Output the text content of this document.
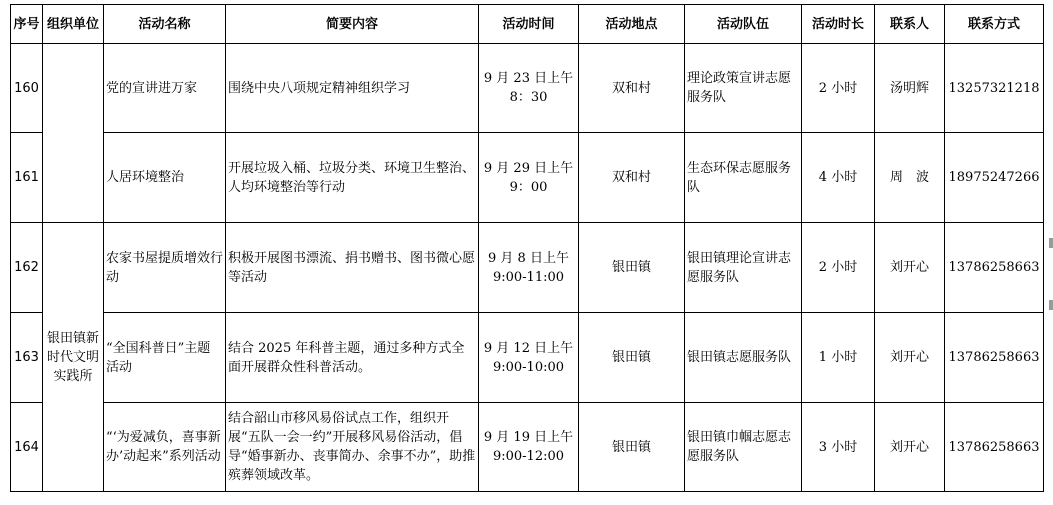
序号	组织单位	活动名称	简要内容	活动时间	活动地点	活动队伍	活动时长	联系人	联系方式
160		党的宣讲进万家	围绕中央八项规定精神组织学习	9 月 23 日上午 8：30	双和村	理论政策宣讲志愿服务队	2 小时	汤明辉	13257321218
161		人居环境整治	开展垃圾入桶、垃圾分类、环境卫生整治、人均环境整治等行动	9 月 29 日上午 9：00	双和村	生态环保志愿服务队	4 小时	周　波	18975247266
162	银田镇新时代文明实践所	农家书屋提质增效行动	积极开展图书漂流、捐书赠书、图书微心愿等活动	9 月 8 日上午 9:00-11:00	银田镇	银田镇理论宣讲志愿服务队	2 小时	刘开心	13786258663
163		“全国科普日”主题活动	结合 2025 年科普主题，通过多种方式全面开展群众性科普活动。	9 月 12 日上午 9:00-10:00	银田镇	银田镇志愿服务队	1 小时	刘开心	13786258663
164		“‘为爱减负，喜事新办’动起来”系列活动	结合韶山市移风易俗试点工作，组织开展“五队一会一约”开展移风易俗活动，倡导“婚事新办、丧事简办、余事不办”，助推殡葬领域改革。	9 月 19 日上午 9:00-12:00	银田镇	银田镇巾帼志愿志愿服务队	3 小时	刘开心	13786258663
